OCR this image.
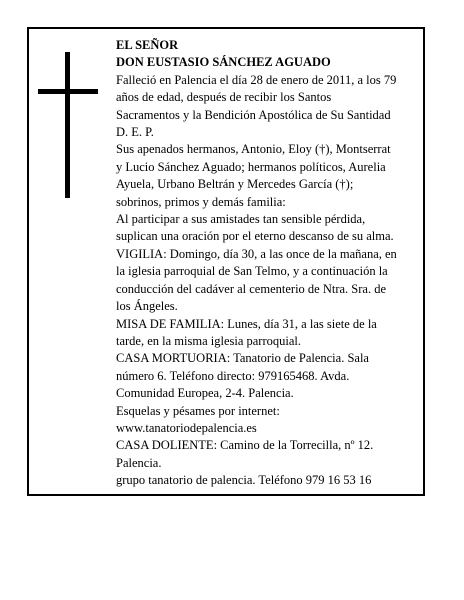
EL SEÑOR
DON EUSTASIO SÁNCHEZ AGUADO
Falleció en Palencia el día 28 de enero de 2011, a los 79
años de edad, después de recibir los Santos
Sacramentos y la Bendición Apostólica de Su Santidad
D. E. P.
Sus apenados hermanos, Antonio, Eloy (†), Montserrat
y Lucio Sánchez Aguado; hermanos políticos, Aurelia
Ayuela, Urbano Beltrán y Mercedes García (†);
sobrinos, primos y demás familia:
Al participar a sus amistades tan sensible pérdida,
suplican una oración por el eterno descanso de su alma.
VIGILIA: Domingo, día 30, a las once de la mañana, en
la iglesia parroquial de San Telmo, y a continuación la
conducción del cadáver al cementerio de Ntra. Sra. de
los Ángeles.
MISA DE FAMILIA: Lunes, día 31, a las siete de la
tarde, en la misma iglesia parroquial.
CASA MORTUORIA: Tanatorio de Palencia. Sala
número 6. Teléfono directo: 979165468. Avda.
Comunidad Europea, 2-4. Palencia.
Esquelas y pésames por internet:
www.tanatoriodepalencia.es
CASA DOLIENTE: Camino de la Torrecilla, nº 12.
Palencia.
grupo tanatorio de palencia. Teléfono 979 16 53 16
